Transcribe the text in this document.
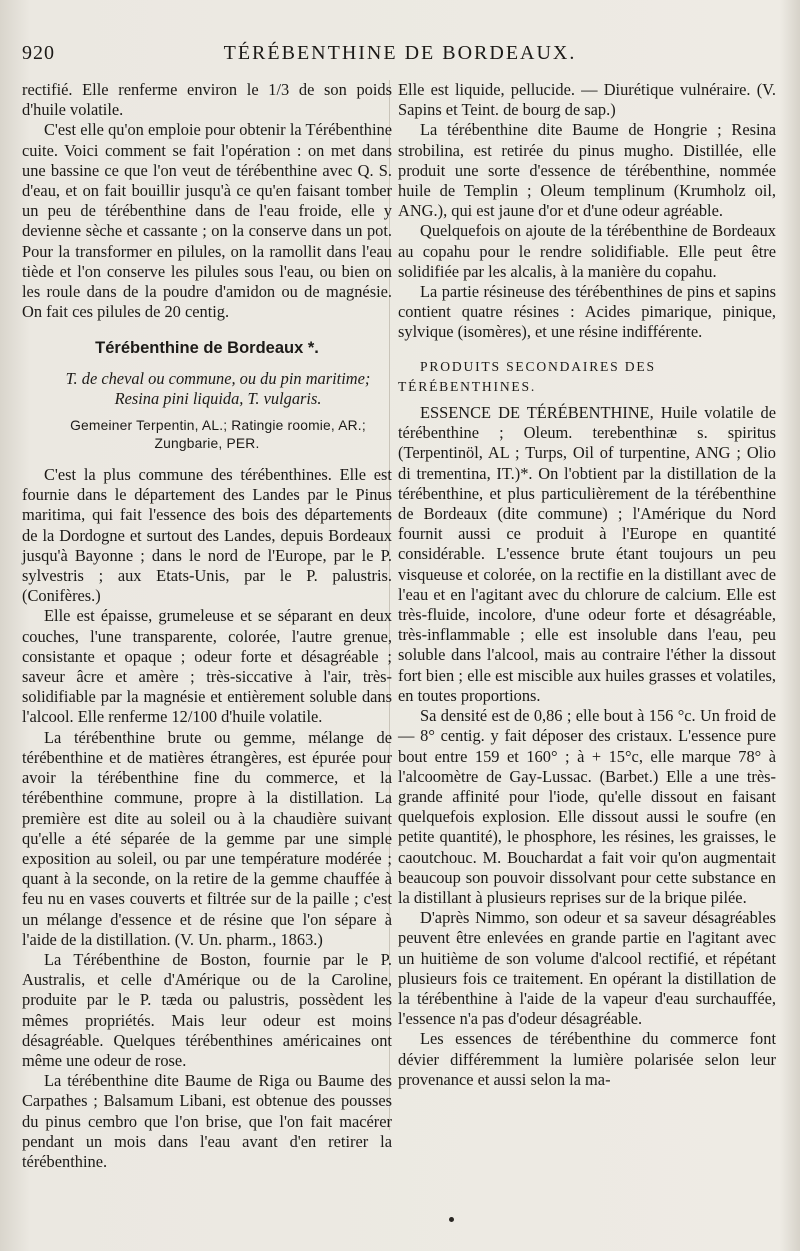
920	TÉRÉBENTHINE DE BORDEAUX.

rectifié. Elle renferme environ le 1/3 de son poids d'huile volatile.

C'est elle qu'on emploie pour obtenir la Térébenthine cuite. Voici comment se fait l'opération : on met dans une bassine ce que l'on veut de térébenthine avec Q. S. d'eau, et on fait bouillir jusqu'à ce qu'en faisant tomber un peu de térébenthine dans de l'eau froide, elle y devienne sèche et cassante ; on la conserve dans un pot. Pour la transformer en pilules, on la ramollit dans l'eau tiède et l'on conserve les pilules sous l'eau, ou bien on les roule dans de la poudre d'amidon ou de magnésie. On fait ces pilules de 20 centig.

Térébenthine de Bordeaux *.

T. de cheval ou commune, ou du pin maritime;

Resina pini liquida, T. vulgaris.

Gemeiner Terpentin, AL.; Ratingie roomie, AR.; Zungbarie, PER.

C'est la plus commune des térébenthines. Elle est fournie dans le département des Landes par le Pinus maritima, qui fait l'essence des bois des départements de la Dordogne et surtout des Landes, depuis Bordeaux jusqu'à Bayonne ; dans le nord de l'Europe, par le P. sylvestris ; aux Etats-Unis, par le P. palustris. (Conifères.)

Elle est épaisse, grumeleuse et se séparant en deux couches, l'une transparente, colorée, l'autre grenue, consistante et opaque ; odeur forte et désagréable ; saveur âcre et amère ; très-siccative à l'air, très-solidifiable par la magnésie et entièrement soluble dans l'alcool. Elle renferme 12/100 d'huile volatile.

La térébenthine brute ou gemme, mélange de térébenthine et de matières étrangères, est épurée pour avoir la térébenthine fine du commerce, et la térébenthine commune, propre à la distillation. La première est dite au soleil ou à la chaudière suivant qu'elle a été séparée de la gemme par une simple exposition au soleil, ou par une température modérée ; quant à la seconde, on la retire de la gemme chauffée à feu nu en vases couverts et filtrée sur de la paille ; c'est un mélange d'essence et de résine que l'on sépare à l'aide de la distillation. (V. Un. pharm., 1863.)

La Térébenthine de Boston, fournie par le P. Australis, et celle d'Amérique ou de la Caroline, produite par le P. tæda ou palustris, possèdent les mêmes propriétés. Mais leur odeur est moins désagréable. Quelques térébenthines américaines ont même une odeur de rose.

La térébenthine dite Baume de Riga ou Baume des Carpathes ; Balsamum Libani, est obtenue des pousses du pinus cembro que l'on brise, que l'on fait macérer pendant un mois dans l'eau avant d'en retirer la térébenthine.

Elle est liquide, pellucide. — Diurétique vulnéraire. (V. Sapins et Teint. de bourg de sap.)

La térébenthine dite Baume de Hongrie ; Resina strobilina, est retirée du pinus mugho. Distillée, elle produit une sorte d'essence de térébenthine, nommée huile de Templin ; Oleum templinum (Krumholz oil, ANG.), qui est jaune d'or et d'une odeur agréable.

Quelquefois on ajoute de la térébenthine de Bordeaux au copahu pour le rendre solidifiable. Elle peut être solidifiée par les alcalis, à la manière du copahu.

La partie résineuse des térébenthines de pins et sapins contient quatre résines : Acides pimarique, pinique, sylvique (isomères), et une résine indifférente.

PRODUITS SECONDAIRES DES TÉRÉBENTHINES.

ESSENCE DE TÉRÉBENTHINE, Huile volatile de térébenthine ; Oleum. terebenthinæ s. spiritus (Terpentinöl, AL ; Turps, Oil of turpentine, ANG ; Olio di trementina, IT.)*. On l'obtient par la distillation de la térébenthine, et plus particulièrement de la térébenthine de Bordeaux (dite commune) ; l'Amérique du Nord fournit aussi ce produit à l'Europe en quantité considérable. L'essence brute étant toujours un peu visqueuse et colorée, on la rectifie en la distillant avec de l'eau et en l'agitant avec du chlorure de calcium. Elle est très-fluide, incolore, d'une odeur forte et désagréable, très-inflammable ; elle est insoluble dans l'eau, peu soluble dans l'alcool, mais au contraire l'éther la dissout fort bien ; elle est miscible aux huiles grasses et volatiles, en toutes proportions.

Sa densité est de 0,86 ; elle bout à 156 °c. Un froid de — 8° centig. y fait déposer des cristaux. L'essence pure bout entre 159 et 160° ; à + 15°c, elle marque 78° à l'alcoomètre de Gay-Lussac. (Barbet.) Elle a une très-grande affinité pour l'iode, qu'elle dissout en faisant quelquefois explosion. Elle dissout aussi le soufre (en petite quantité), le phosphore, les résines, les graisses, le caoutchouc. M. Bouchardat a fait voir qu'on augmentait beaucoup son pouvoir dissolvant pour cette substance en la distillant à plusieurs reprises sur de la brique pilée.

D'après Nimmo, son odeur et sa saveur désagréables peuvent être enlevées en grande partie en l'agitant avec un huitième de son volume d'alcool rectifié, et répétant plusieurs fois ce traitement. En opérant la distillation de la térébenthine à l'aide de la vapeur d'eau surchauffée, l'essence n'a pas d'odeur désagréable.

Les essences de térébenthine du commerce font dévier différemment la lumière polarisée selon leur provenance et aussi selon la ma-
